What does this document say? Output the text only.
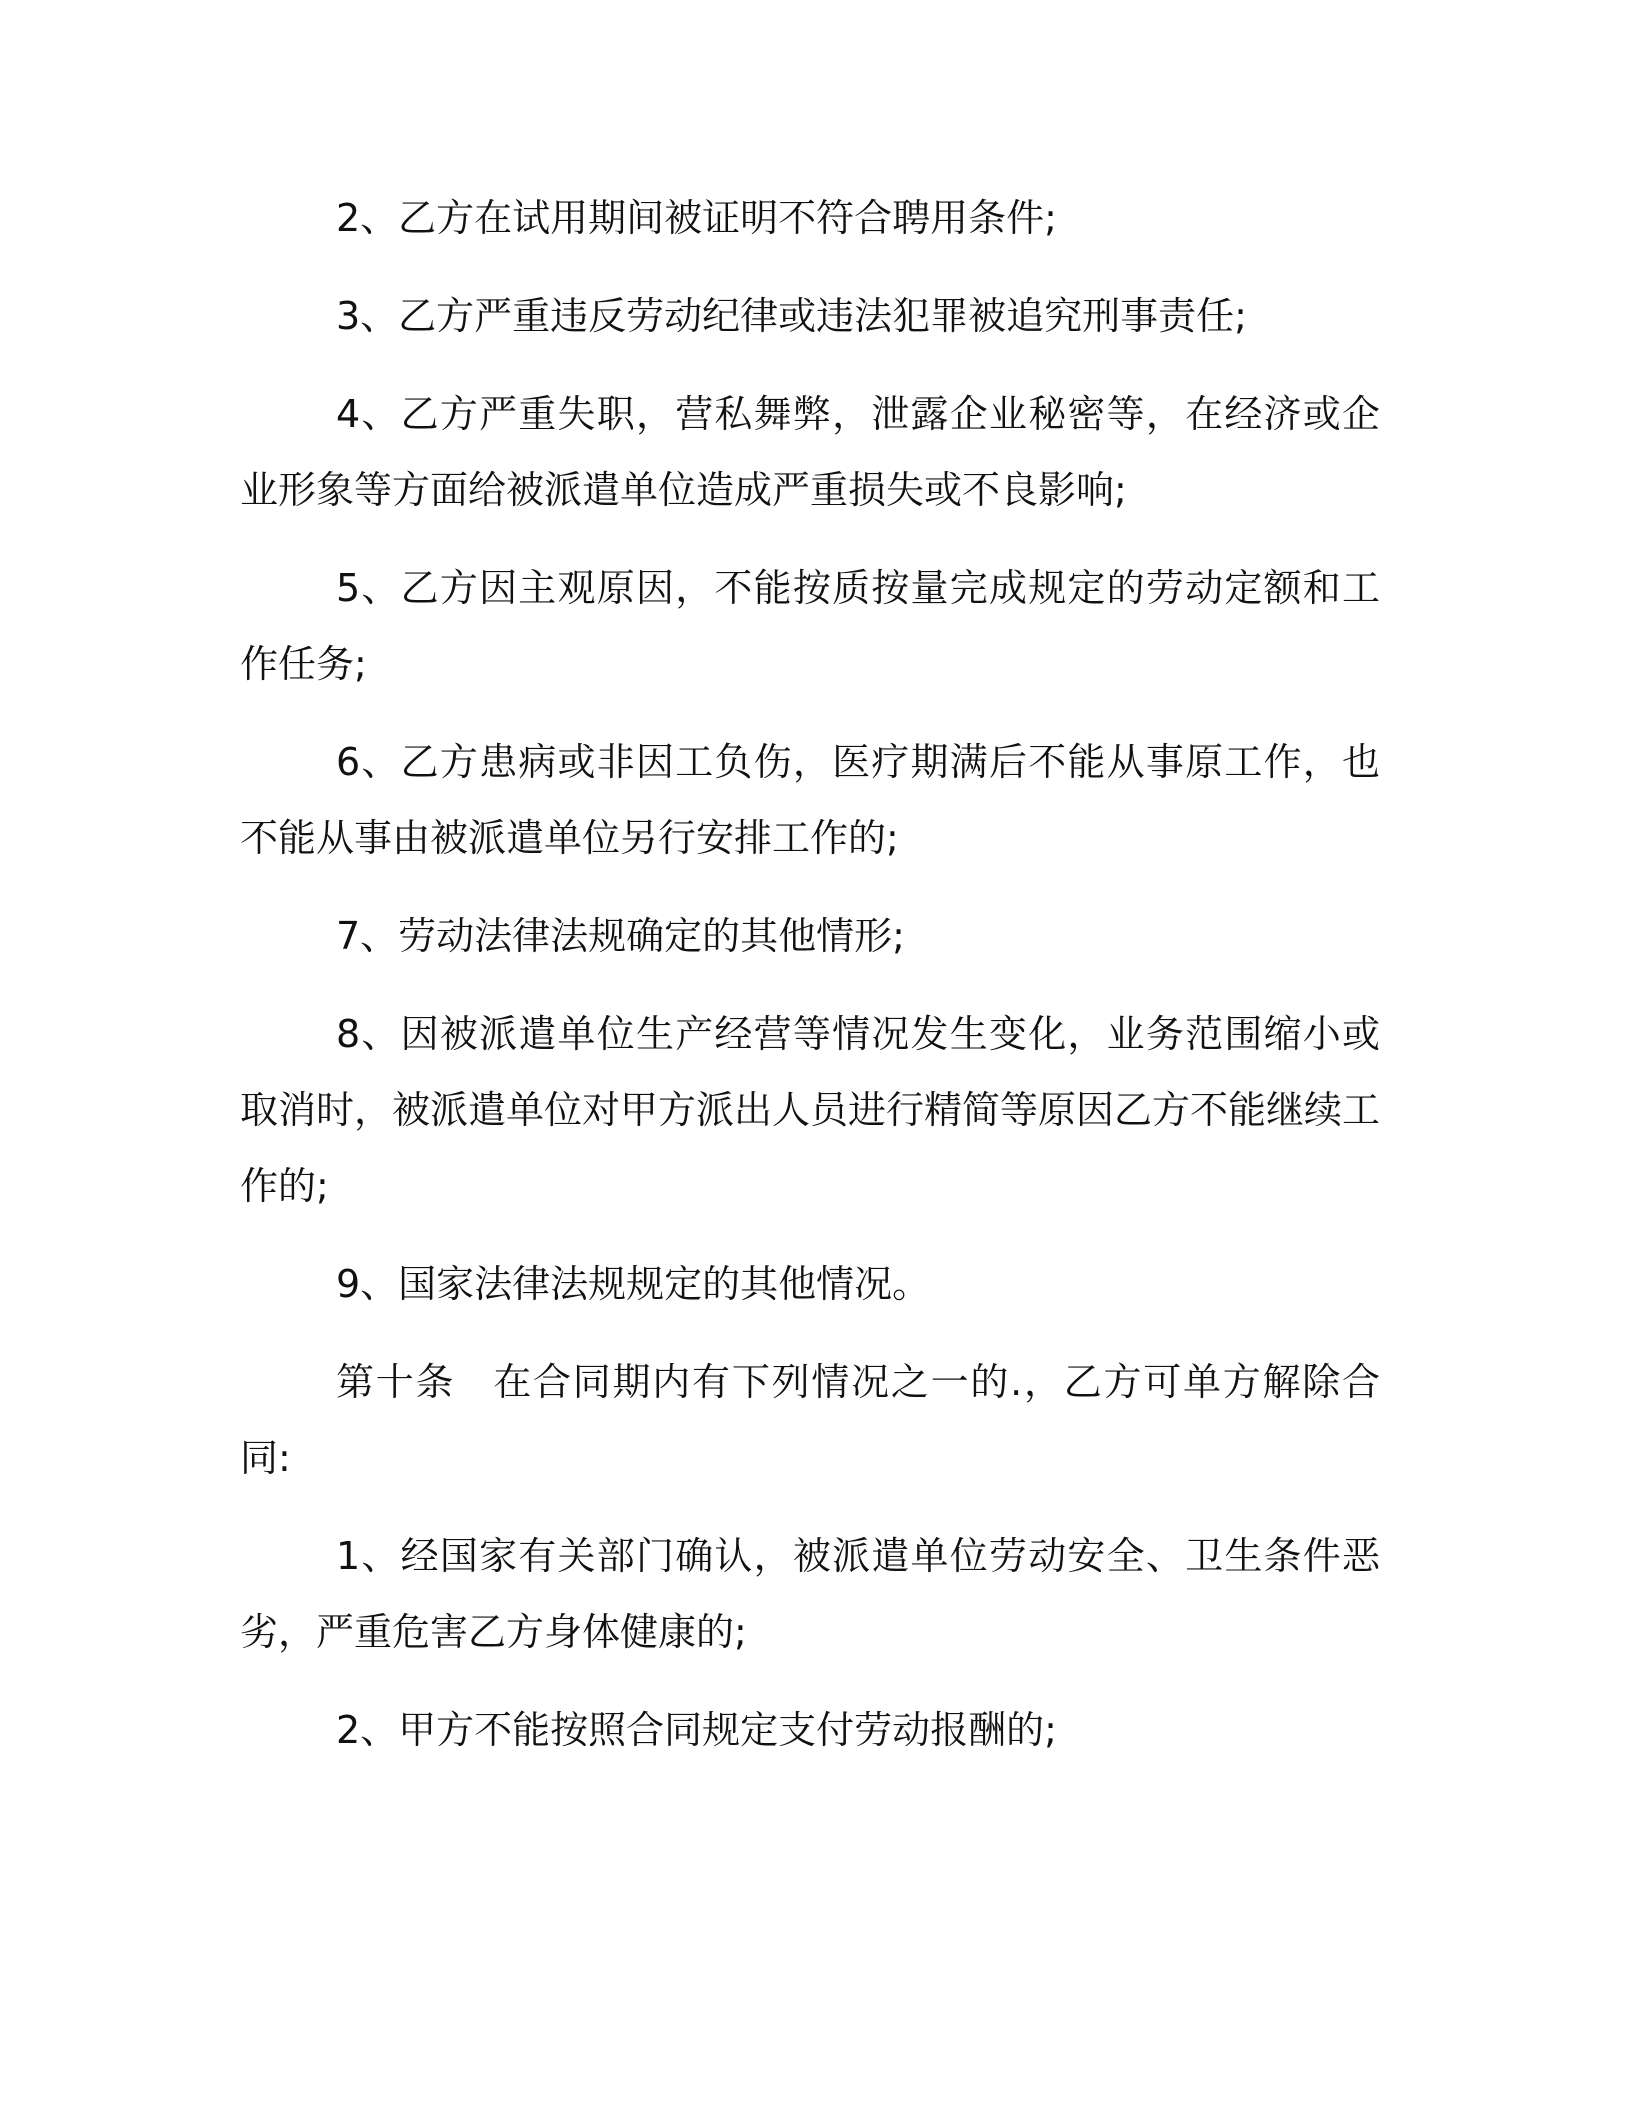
2、乙方在试用期间被证明不符合聘用条件;

3、乙方严重违反劳动纪律或违法犯罪被追究刑事责任;

4、乙方严重失职，营私舞弊，泄露企业秘密等，在经济或企业形象等方面给被派遣单位造成严重损失或不良影响;

5、乙方因主观原因，不能按质按量完成规定的劳动定额和工作任务;

6、乙方患病或非因工负伤，医疗期满后不能从事原工作，也不能从事由被派遣单位另行安排工作的;

7、劳动法律法规确定的其他情形;

8、因被派遣单位生产经营等情况发生变化，业务范围缩小或取消时，被派遣单位对甲方派出人员进行精简等原因乙方不能继续工作的;

9、国家法律法规规定的其他情况。

第十条 在合同期内有下列情况之一的.，乙方可单方解除合同:

1、经国家有关部门确认，被派遣单位劳动安全、卫生条件恶劣，严重危害乙方身体健康的;

2、甲方不能按照合同规定支付劳动报酬的;
